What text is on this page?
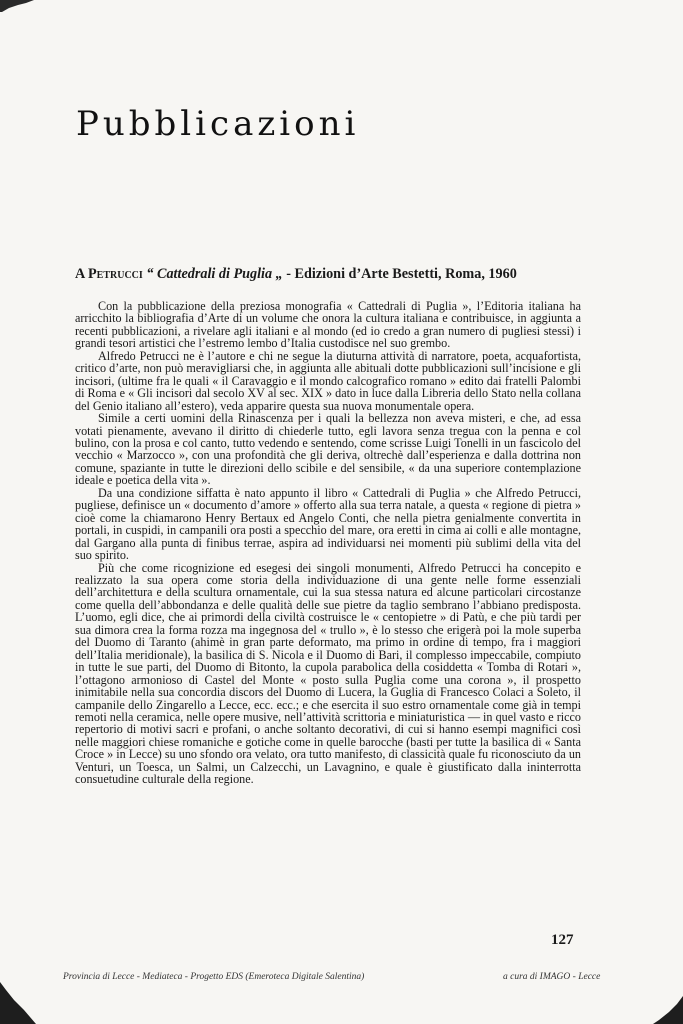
Pubblicazioni
A Petrucci “ Cattedrali di Puglia „ - Edizioni d’Arte Bestetti, Roma, 1960

Con la pubblicazione della preziosa monografia « Cattedrali di Puglia », l’Editoria italiana ha arricchito la bibliografia d’Arte di un volume che onora la cultura italiana e contribuisce, in aggiunta a recenti pubblicazioni, a rivelare agli italiani e al mondo (ed io credo a gran numero di pugliesi stessi) i grandi tesori artistici che l’estremo lembo d’Italia custodisce nel suo grembo.

Alfredo Petrucci ne è l’autore e chi ne segue la diuturna attività di narratore, poeta, acquafortista, critico d’arte, non può meravigliarsi che, in aggiunta alle abituali dotte pubblicazioni sull’incisione e gli incisori, (ultime fra le quali « il Caravaggio e il mondo calcografico romano » edito dai fratelli Palombi di Roma e « Gli incisori dal secolo XV al sec. XIX » dato in luce dalla Libreria dello Stato nella collana del Genio italiano all’estero), veda apparire questa sua nuova monumentale opera.

Simile a certi uomini della Rinascenza per i quali la bellezza non aveva misteri, e che, ad essa votati pienamente, avevano il diritto di chiederle tutto, egli lavora senza tregua con la penna e col bulino, con la prosa e col canto, tutto vedendo e sentendo, come scrisse Luigi Tonelli in un fascicolo del vecchio « Marzocco », con una profondità che gli deriva, oltrechè dall’esperienza e dalla dottrina non comune, spaziante in tutte le direzioni dello scibile e del sensibile, « da una superiore contemplazione ideale e poetica della vita ».

Da una condizione siffatta è nato appunto il libro « Cattedrali di Puglia » che Alfredo Petrucci, pugliese, definisce un « documento d’amore » offerto alla sua terra natale, a questa « regione di pietra » cioè come la chiamarono Henry Bertaux ed Angelo Conti, che nella pietra genialmente convertita in portali, in cuspidi, in campanili ora posti a specchio del mare, ora eretti in cima ai colli e alle montagne, dal Gargano alla punta di finibus terrae, aspira ad individuarsi nei momenti più sublimi della vita del suo spirito.

Più che come ricognizione ed esegesi dei singoli monumenti, Alfredo Petrucci ha concepito e realizzato la sua opera come storia della individuazione di una gente nelle forme essenziali dell’architettura e della scultura ornamentale, cui la sua stessa natura ed alcune particolari circostanze come quella dell’abbondanza e delle qualità delle sue pietre da taglio sembrano l’abbiano predisposta. L’uomo, egli dice, che ai primordi della civiltà costruisce le « centopietre » di Patù, e che più tardi per sua dimora crea la forma rozza ma ingegnosa del « trullo », è lo stesso che erigerà poi la mole superba del Duomo di Taranto (ahimè in gran parte deformato, ma primo in ordine di tempo, fra i maggiori dell’Italia meridionale), la basilica di S. Nicola e il Duomo di Bari, il complesso impeccabile, compiuto in tutte le sue parti, del Duomo di Bitonto, la cupola parabolica della cosiddetta « Tomba di Rotari », l’ottagono armonioso di Castel del Monte « posto sulla Puglia come una corona », il prospetto inimitabile nella sua concordia discors del Duomo di Lucera, la Guglia di Francesco Colaci a Soleto, il campanile dello Zingarello a Lecce, ecc. ecc.; e che esercita il suo estro ornamentale come già in tempi remoti nella ceramica, nelle opere musive, nell’attività scrittoria e miniaturistica — in quel vasto e ricco repertorio di motivi sacri e profani, o anche soltanto decorativi, di cui si hanno esempi magnifici così nelle maggiori chiese romaniche e gotiche come in quelle barocche (basti per tutte la basilica di « Santa Croce » in Lecce) su uno sfondo ora velato, ora tutto manifesto, di classicità quale fu riconosciuto da un Venturi, un Toesca, un Salmi, un Calzecchi, un Lavagnino, e quale è giustificato dalla ininterrotta consuetudine culturale della regione.

127
Provincia di Lecce - Mediateca - Progetto EDS (Emeroteca Digitale Salentina)	a cura di IMAGO - Lecce
